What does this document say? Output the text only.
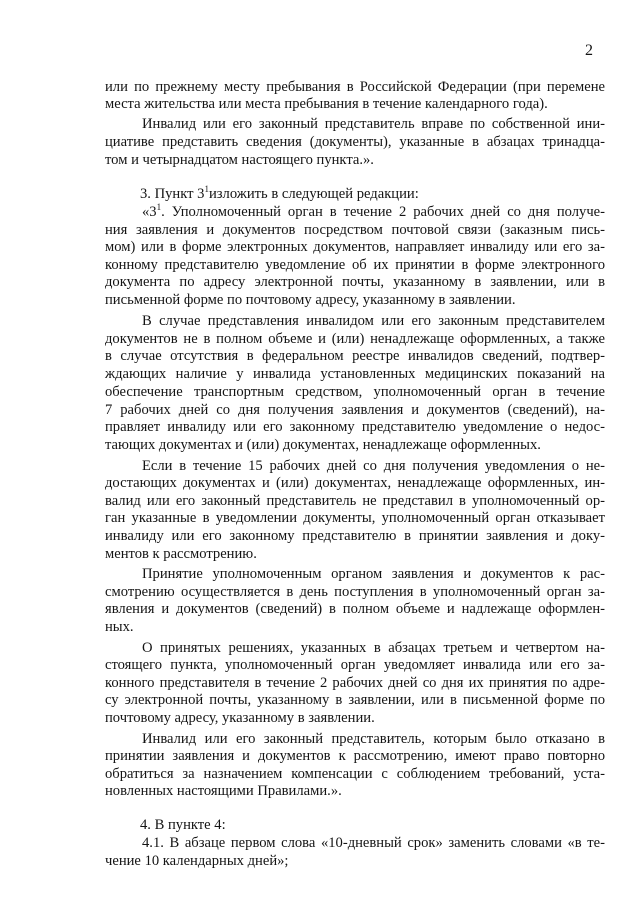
2
или по прежнему месту пребывания в Российской Федерации (при перемене
места жительства или места пребывания в течение календарного года).
Инвалид или его законный представитель вправе по собственной ини-
циативе представить сведения (документы), указанные в абзацах тринадца-
том и четырнадцатом настоящего пункта.».
3. Пункт $3^1изложить$ в следующей редакции:
«$3^1$. Уполномоченный орган в течение 2 рабочих дней со дня получе-
ния заявления и документов посредством почтовой связи (заказным пись-
мом) или в форме электронных документов, направляет инвалиду или его за-
конному представителю уведомление об их принятии в форме электронного
документа по адресу электронной почты, указанному в заявлении, или в
письменной форме по почтовому адресу, указанному в заявлении.
В случае представления инвалидом или его законным представителем
документов не в полном объеме и (или) ненадлежаще оформленных, а также
в случае отсутствия в федеральном реестре инвалидов сведений, подтвер-
ждающих наличие у инвалида установленных медицинских показаний на
обеспечение транспортным средством, уполномоченный орган в течение
7 рабочих дней со дня получения заявления и документов (сведений), на-
правляет инвалиду или его законному представителю уведомление о недос-
тающих документах и (или) документах, ненадлежаще оформленных.
Если в течение 15 рабочих дней со дня получения уведомления о не-
достающих документах и (или) документах, ненадлежаще оформленных, ин-
валид или его законный представитель не представил в уполномоченный ор-
ган указанные в уведомлении документы, уполномоченный орган отказывает
инвалиду или его законному представителю в принятии заявления и доку-
ментов к рассмотрению.
Принятие уполномоченным органом заявления и документов к рас-
смотрению осуществляется в день поступления в уполномоченный орган за-
явления и документов (сведений) в полном объеме и надлежаще оформлен-
ных.
О принятых решениях, указанных в абзацах третьем и четвертом на-
стоящего пункта, уполномоченный орган уведомляет инвалида или его за-
конного представителя в течение 2 рабочих дней со дня их принятия по адре-
су электронной почты, указанному в заявлении, или в письменной форме по
почтовому адресу, указанному в заявлении.
Инвалид или его законный представитель, которым было отказано в
принятии заявления и документов к рассмотрению, имеют право повторно
обратиться за назначением компенсации с соблюдением требований, уста-
новленных настоящими Правилами.».
4. В пункте 4:
4.1. В абзаце первом слова «10-дневный срок» заменить словами «в те-
чение 10 календарных дней»;
